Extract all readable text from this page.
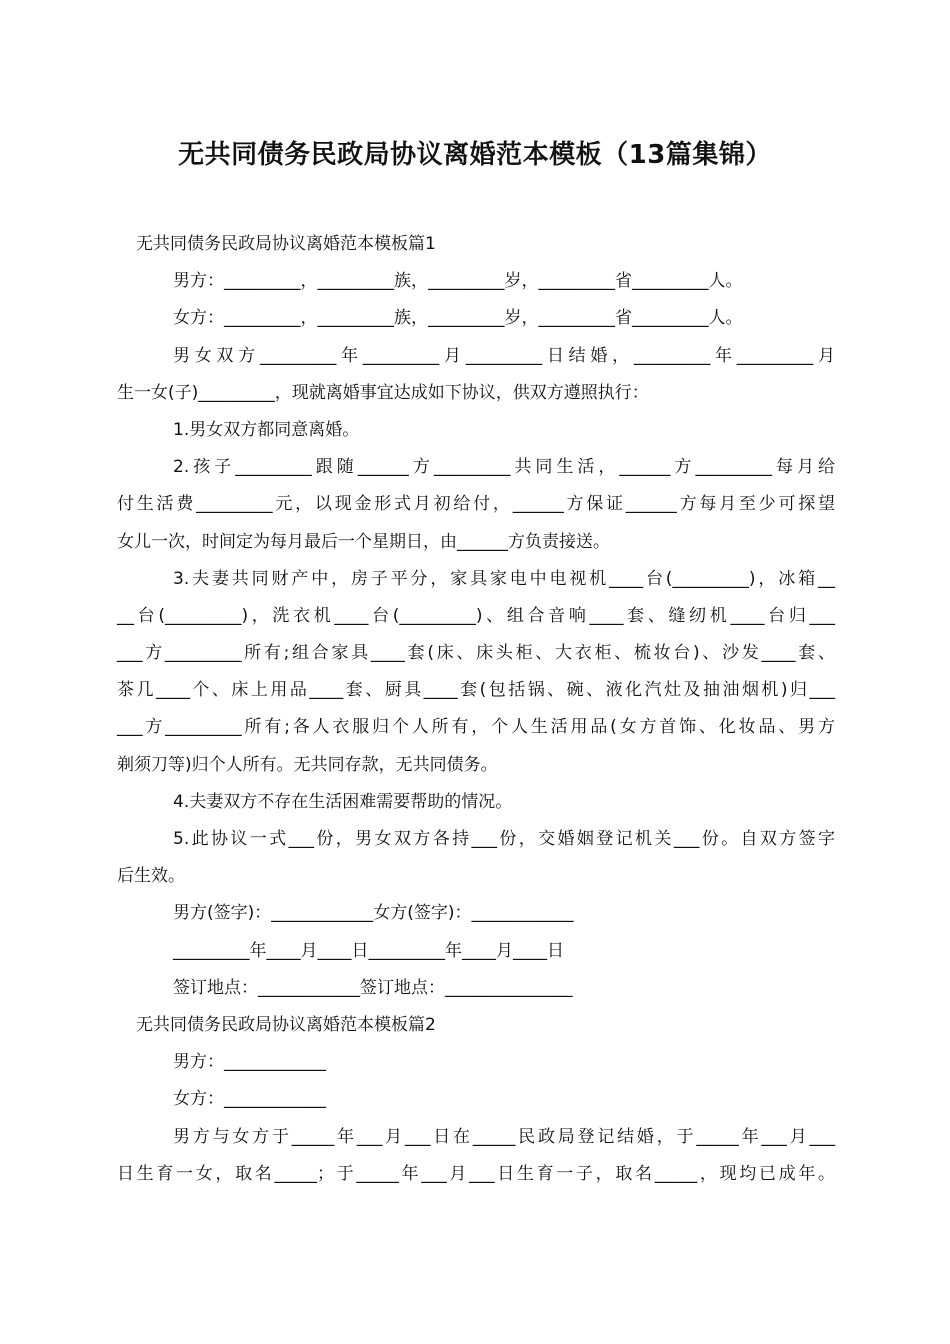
无共同债务民政局协议离婚范本模板（13篇集锦）
无共同债务民政局协议离婚范本模板篇1
男方：_________，_________族，_________岁，_________省_________人。
女方：_________，_________族，_________岁，_________省_________人。
男女双方_________年_________月_________日结婚，_________年_________月
生一女(子)_________，现就离婚事宜达成如下协议，供双方遵照执行：
1.男女双方都同意离婚。
2.孩子_________跟随______方_________共同生活，______方_________每月给
付生活费_________元，以现金形式月初给付，______方保证______方每月至少可探望
女儿一次，时间定为每月最后一个星期日，由______方负责接送。
3.夫妻共同财产中，房子平分，家具家电中电视机____台(_________)，冰箱__
__台(_________)，洗衣机____台(_________)、组合音响____套、缝纫机____台归___
___方_________所有;组合家具____套(床、床头柜、大衣柜、梳妆台)、沙发____套、
茶几____个、床上用品____套、厨具____套(包括锅、碗、液化汽灶及抽油烟机)归___
___方_________所有;各人衣服归个人所有，个人生活用品(女方首饰、化妆品、男方
剃须刀等)归个人所有。无共同存款，无共同债务。
4.夫妻双方不存在生活困难需要帮助的情况。
5.此协议一式___份，男女双方各持___份，交婚姻登记机关___份。自双方签字
后生效。
男方(签字)：____________女方(签字)：____________
_________年____月____日_________年____月____日
签订地点：____________签订地点：_______________
无共同债务民政局协议离婚范本模板篇2
男方：____________
女方：____________
男方与女方于_____年___月___日在_____民政局登记结婚，于_____年___月___
日生育一女，取名_____；于_____年___月___日生育一子，取名_____，现均已成年。
